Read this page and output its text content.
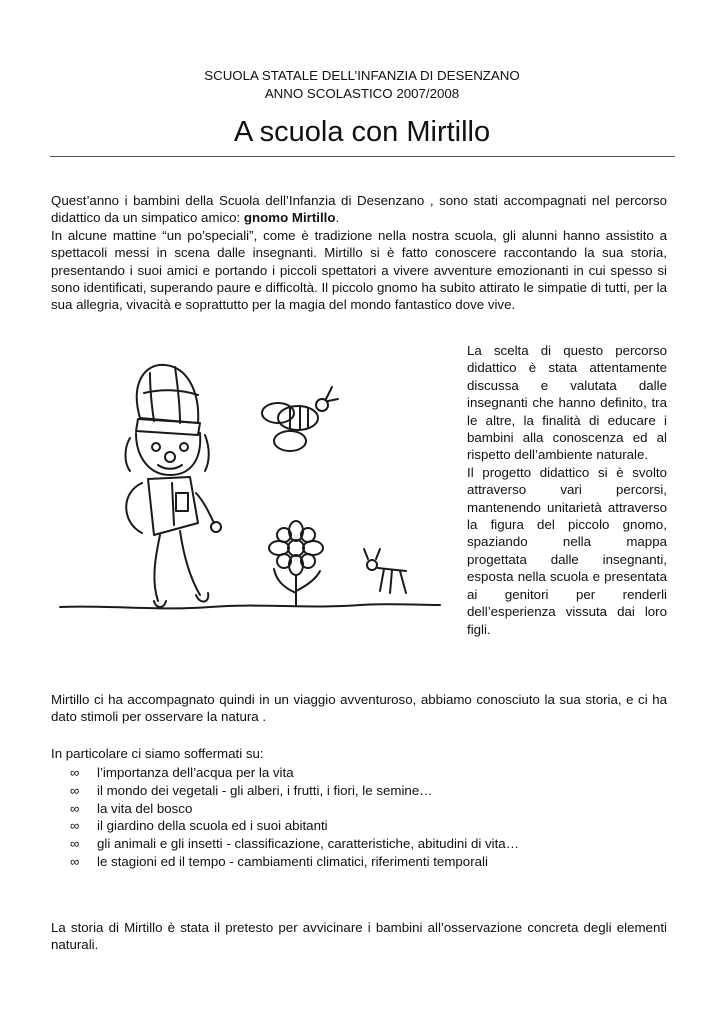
SCUOLA STATALE DELL’INFANZIA DI DESENZANO
ANNO SCOLASTICO 2007/2008
A scuola con Mirtillo

Quest’anno i bambini della Scuola dell’Infanzia di Desenzano , sono stati accompagnati nel percorso didattico da un simpatico amico: gnomo Mirtillo.
In alcune mattine “un po’speciali”, come è tradizione nella nostra scuola, gli alunni hanno assistito a spettacoli messi in scena dalle insegnanti. Mirtillo si è fatto conoscere raccontando la sua storia, presentando i suoi amici e portando i piccoli spettatori a vivere avventure emozionanti in cui spesso si sono identificati, superando paure e difficoltà. Il piccolo gnomo ha subito attirato le simpatie di tutti, per la sua allegria, vivacità e soprattutto per la magia del mondo fantastico dove vive.

La scelta di questo percorso didattico è stata attentamente discussa e valutata dalle insegnanti che hanno definito, tra le altre, la finalità di educare i bambini alla conoscenza ed al rispetto dell’ambiente naturale.
Il progetto didattico si è svolto attraverso vari percorsi, mantenendo unitarietà attraverso la figura del piccolo gnomo, spaziando nella mappa progettata dalle insegnanti, esposta nella scuola e presentata ai genitori per renderli dell’esperienza vissuta dai loro figli.

Mirtillo ci ha accompagnato quindi in un viaggio avventuroso, abbiamo conosciuto la sua storia, e ci ha dato stimoli per osservare la natura .

In particolare ci siamo soffermati su:

∞ l’importanza dell’acqua per la vita
∞ il mondo dei vegetali - gli alberi, i frutti, i fiori, le semine…
∞ la vita del bosco
∞ il giardino della scuola ed i suoi abitanti
∞ gli animali e gli insetti - classificazione, caratteristiche, abitudini di vita…
∞ le stagioni ed il tempo - cambiamenti climatici, riferimenti temporali

La storia di Mirtillo è stata il pretesto per avvicinare i bambini all’osservazione concreta degli elementi naturali.
